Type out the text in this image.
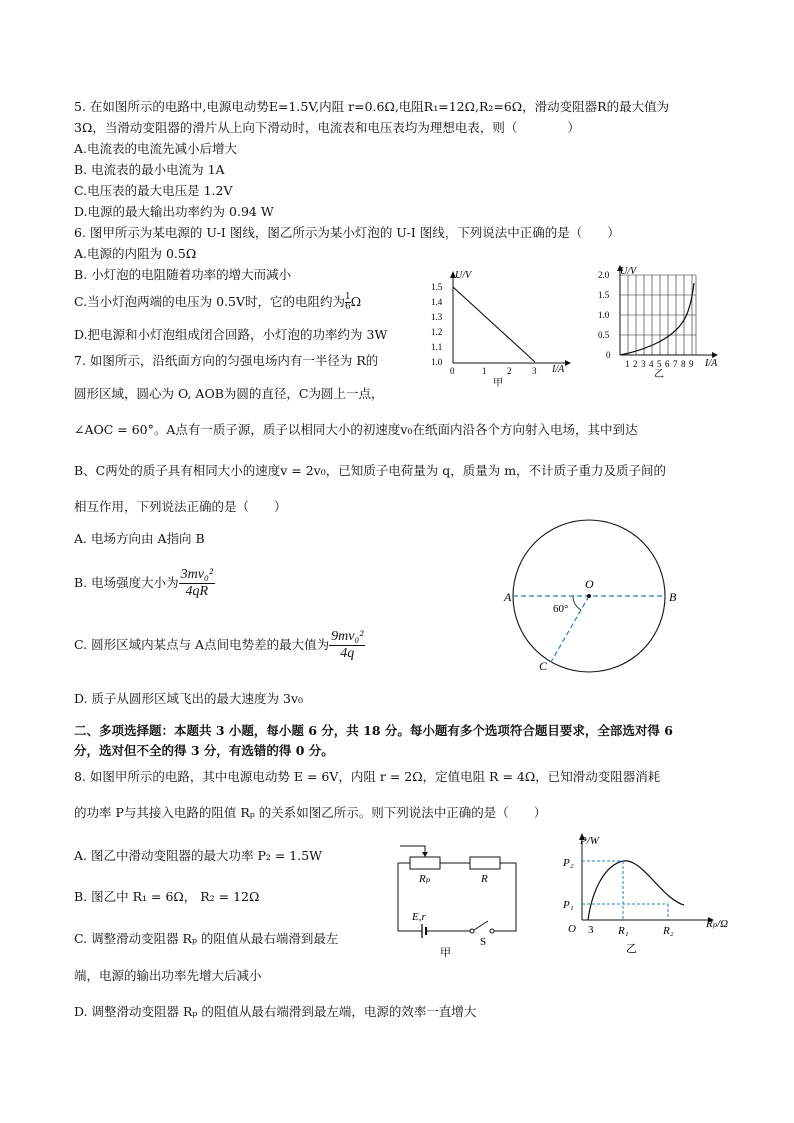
5. 在如图所示的电路中,电源电动势E=1.5V,内阻 r=0.6Ω,电阻R₁=12Ω,R₂=6Ω，滑动变阻器R的最大值为
3Ω，当滑动变阻器的滑片从上向下滑动时，电流表和电压表均为理想电表，则（　　　　）
A.电流表的电流先减小后增大
B. 电流表的最小电流为 1A
C.电压表的最大电压是 1.2V
D.电源的最大输出功率约为 0.94 W
6. 图甲所示为某电源的 U-I 图线，图乙所示为某小灯泡的 U-I 图线，下列说法中正确的是（　　）
A.电源的内阻为 0.5Ω
B. 小灯泡的电阻随着功率的增大而减小
C.当小灯泡两端的电压为 0.5V时，它的电阻约为 $\frac{1}{6}\Omega$
D.把电源和小灯泡组成闭合回路，小灯泡的功率约为 3W
U/V
I/A
1.5
1.4
1.3
1.2
1.1
1.0
0	1 2 3
甲
U/V
I/A
2.0
1.5
1.0
0.5
0
1 2 3 4 5 6 7 8 9
乙
7. 如图所示，沿纸面方向的匀强电场内有一半径为 R的
圆形区域，圆心为 O, AOB为圆的直径，C为圆上一点，
∠AOC = 60°。A点有一质子源，质子以相同大小的初速度v₀在纸面内沿各个方向射入电场，其中到达
B、C两处的质子具有相同大小的速度v = 2v₀，已知质子电荷量为 q，质量为 m，不计质子重力及质子间的
相互作用，下列说法正确的是（　　）
A. 电场方向由 A指向 B
B. 电场强度大小为 $\frac{\text{3mv₀²}}{4qR}$
C. 圆形区域内某点与 A点间电势差的最大值为 $\frac{\text{9mv₀²}}{4q}$
D. 质子从圆形区域飞出的最大速度为 3v₀
O
A	B
C
60°
二、多项选择题：本题共 3 小题，每小题 6 分，共 18 分。每小题有多个选项符合题目要求，全部选对得 6
分，选对但不全的得 3 分，有选错的得 0 分。
8. 如图甲所示的电路，其中电源电动势 E = 6V，内阻 r = 2Ω，定值电阻 R = 4Ω，已知滑动变阻器消耗
的功率 P与其接入电路的阻值 Rₚ 的关系如图乙所示。则下列说法中正确的是（　　）
A. 图乙中滑动变阻器的最大功率 P₂ = 1.5W
B. 图乙中 R₁ = 6Ω， R₂ = 12Ω
C. 调整滑动变阻器 Rₚ 的阻值从最右端滑到最左
端，电源的输出功率先增大后减小
D. 调整滑动变阻器 Rₚ 的阻值从最右端滑到最左端，电源的效率一直增大
Rₚ	R
E,r
S
甲
P/W
Rₚ/Ω
O 3 R₁	R₂
P₂
P₁
乙
